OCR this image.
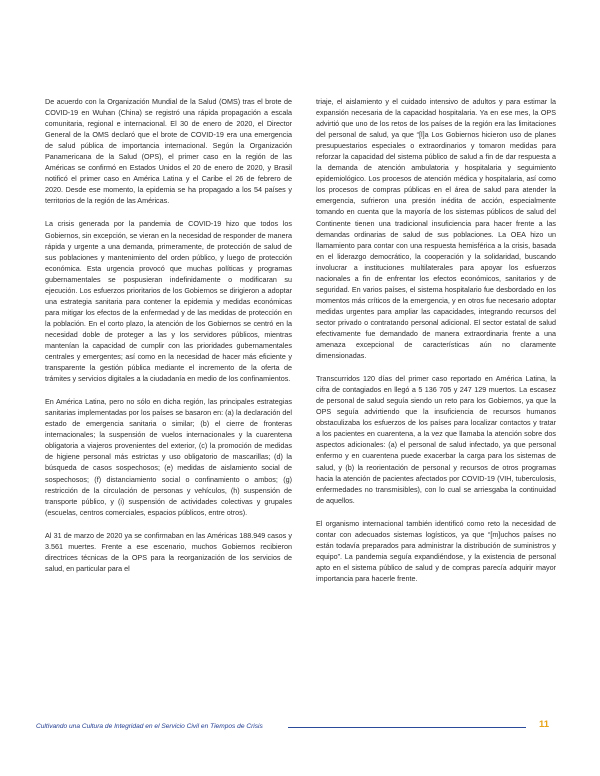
De acuerdo con la Organización Mundial de la Salud (OMS) tras el brote de COVID-19 en Wuhan (China) se registró una rápida propagación a escala comunitaria, regional e internacional. El 30 de enero de 2020, el Director General de la OMS declaró que el brote de COVID-19 era una emergencia de salud pública de importancia internacional. Según la Organización Panamericana de la Salud (OPS), el primer caso en la región de las Américas se confirmó en Estados Unidos el 20 de enero de 2020, y Brasil notificó el primer caso en América Latina y el Caribe el 26 de febrero de 2020. Desde ese momento, la epidemia se ha propagado a los 54 países y territorios de la región de las Américas.

La crisis generada por la pandemia de COVID-19 hizo que todos los Gobiernos, sin excepción, se vieran en la necesidad de responder de manera rápida y urgente a una demanda, primeramente, de protección de salud de sus poblaciones y mantenimiento del orden público, y luego de protección económica. Esta urgencia provocó que muchas políticas y programas gubernamentales se pospusieran indefinidamente o modificaran su ejecución. Los esfuerzos prioritarios de los Gobiernos se dirigieron a adoptar una estrategia sanitaria para contener la epidemia y medidas económicas para mitigar los efectos de la enfermedad y de las medidas de protección en la población. En el corto plazo, la atención de los Gobiernos se centró en la necesidad doble de proteger a las y los servidores públicos, mientras mantenían la capacidad de cumplir con las prioridades gubernamentales centrales y emergentes; así como en la necesidad de hacer más eficiente y transparente la gestión pública mediante el incremento de la oferta de trámites y servicios digitales a la ciudadanía en medio de los confinamientos.

En América Latina, pero no sólo en dicha región, las principales estrategias sanitarias implementadas por los países se basaron en: (a) la declaración del estado de emergencia sanitaria o similar; (b) el cierre de fronteras internacionales; la suspensión de vuelos internacionales y la cuarentena obligatoria a viajeros provenientes del exterior, (c) la promoción de medidas de higiene personal más estrictas y uso obligatorio de mascarillas; (d) la búsqueda de casos sospechosos; (e) medidas de aislamiento social de sospechosos; (f) distanciamiento social o confinamiento o ambos; (g) restricción de la circulación de personas y vehículos, (h) suspensión de transporte público, y (i) suspensión de actividades colectivas y grupales (escuelas, centros comerciales, espacios públicos, entre otros).

Al 31 de marzo de 2020 ya se confirmaban en las Américas 188.949 casos y 3.561 muertes. Frente a ese escenario, muchos Gobiernos recibieron directrices técnicas de la OPS para la reorganización de los servicios de salud, en particular para el

triaje, el aislamiento y el cuidado intensivo de adultos y para estimar la expansión necesaria de la capacidad hospitalaria. Ya en ese mes, la OPS advirtió que uno de los retos de los países de la región era las limitaciones del personal de salud, ya que “[l]a Los Gobiernos hicieron uso de planes presupuestarios especiales o extraordinarios y tomaron medidas para reforzar la capacidad del sistema público de salud a fin de dar respuesta a la demanda de atención ambulatoria y hospitalaria y seguimiento epidemiológico. Los procesos de atención médica y hospitalaria, así como los procesos de compras públicas en el área de salud para atender la emergencia, sufrieron una presión inédita de acción, especialmente tomando en cuenta que la mayoría de los sistemas públicos de salud del Continente tienen una tradicional insuficiencia para hacer frente a las demandas ordinarias de salud de sus poblaciones. La OEA hizo un llamamiento para contar con una respuesta hemisférica a la crisis, basada en el liderazgo democrático, la cooperación y la solidaridad, buscando involucrar a instituciones multilaterales para apoyar los esfuerzos nacionales a fin de enfrentar los efectos económicos, sanitarios y de seguridad. En varios países, el sistema hospitalario fue desbordado en los momentos más críticos de la emergencia, y en otros fue necesario adoptar medidas urgentes para ampliar las capacidades, integrando recursos del sector privado o contratando personal adicional. El sector estatal de salud efectivamente fue demandado de manera extraordinaria frente a una amenaza excepcional de características aún no claramente dimensionadas.

Transcurridos 120 días del primer caso reportado en América Latina, la cifra de contagiados en llegó a 5 136 705 y 247 129 muertos. La escasez de personal de salud seguía siendo un reto para los Gobiernos, ya que la OPS seguía advirtiendo que la insuficiencia de recursos humanos obstaculizaba los esfuerzos de los países para localizar contactos y tratar a los pacientes en cuarentena, a la vez que llamaba la atención sobre dos aspectos adicionales: (a) el personal de salud infectado, ya que personal enfermo y en cuarentena puede exacerbar la carga para los sistemas de salud, y (b) la reorientación de personal y recursos de otros programas hacia la atención de pacientes afectados por COVID-19 (VIH, tuberculosis, enfermedades no transmisibles), con lo cual se arriesgaba la continuidad de aquellos.

El organismo internacional también identificó como reto la necesidad de contar con adecuados sistemas logísticos, ya que “[m]uchos países no están todavía preparados para administrar la distribución de suministros y equipo”. La pandemia seguía expandiéndose, y la existencia de personal apto en el sistema público de salud y de compras parecía adquirir mayor importancia para hacerle frente.

Cultivando una Cultura de Integridad en el Servicio Civil en Tiempos de Crisis	11
